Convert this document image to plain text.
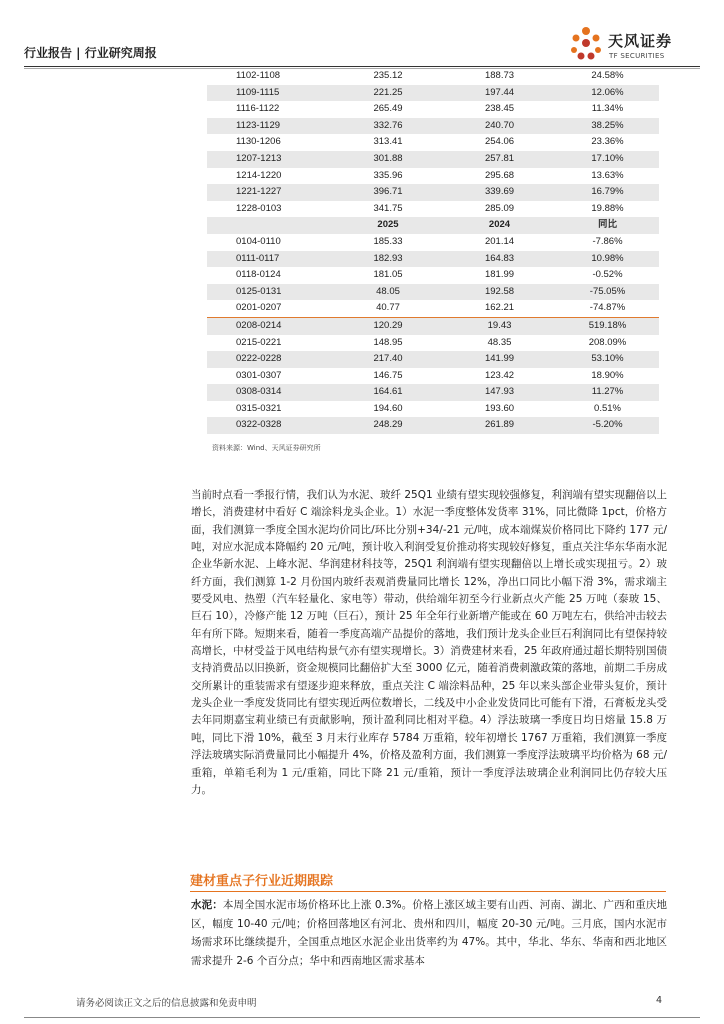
行业报告 | 行业研究周报
天风证券
TF SECURITIES
1102-1108	235.12	188.73	24.58%
1109-1115	221.25	197.44	12.06%
1116-1122	265.49	238.45	11.34%
1123-1129	332.76	240.70	38.25%
1130-1206	313.41	254.06	23.36%
1207-1213	301.88	257.81	17.10%
1214-1220	335.96	295.68	13.63%
1221-1227	396.71	339.69	16.79%
1228-0103	341.75	285.09	19.88%
	2025	2024	同比
0104-0110	185.33	201.14	-7.86%
0111-0117	182.93	164.83	10.98%
0118-0124	181.05	181.99	-0.52%
0125-0131	48.05	192.58	-75.05%
0201-0207	40.77	162.21	-74.87%
0208-0214	120.29	19.43	519.18%
0215-0221	148.95	48.35	208.09%
0222-0228	217.40	141.99	53.10%
0301-0307	146.75	123.42	18.90%
0308-0314	164.61	147.93	11.27%
0315-0321	194.60	193.60	0.51%
0322-0328	248.29	261.89	-5.20%
资料来源：Wind、天风证券研究所
当前时点看一季报行情，我们认为水泥、玻纤 25Q1 业绩有望实现较强修复，利润端有望实现翻倍以上增长，消费建材中看好 C 端涂料龙头企业。1）水泥一季度整体发货率 31%，同比微降 1pct，价格方面，我们测算一季度全国水泥均价同比/环比分别+34/-21 元/吨，成本端煤炭价格同比下降约 177 元/吨，对应水泥成本降幅约 20 元/吨，预计收入利润受复价推动将实现较好修复，重点关注华东华南水泥企业华新水泥、上峰水泥、华润建材科技等，25Q1 利润端有望实现翻倍以上增长或实现扭亏。2）玻纤方面，我们测算 1-2 月份国内玻纤表观消费量同比增长 12%，净出口同比小幅下滑 3%，需求端主要受风电、热塑（汽车轻量化、家电等）带动，供给端年初至今行业新点火产能 25 万吨（泰玻 15、巨石 10），冷修产能 12 万吨（巨石），预计 25 年全年行业新增产能或在 60 万吨左右，供给冲击较去年有所下降。短期来看，随着一季度高端产品提价的落地，我们预计龙头企业巨石利润同比有望保持较高增长，中材受益于风电结构景气亦有望实现增长。3）消费建材来看，25 年政府通过超长期特别国债支持消费品以旧换新，资金规模同比翻倍扩大至 3000 亿元，随着消费刺激政策的落地，前期二手房成交所累计的重装需求有望逐步迎来释放，重点关注 C 端涂料品种，25 年以来头部企业带头复价，预计龙头企业一季度发货同比有望实现近两位数增长，二线及中小企业发货同比可能有下滑，石膏板龙头受去年同期嘉宝莉业绩已有贡献影响，预计盈利同比相对平稳。4）浮法玻璃一季度日均日熔量 15.8 万吨，同比下滑 10%，截至 3 月末行业库存 5784 万重箱，较年初增长 1767 万重箱，我们测算一季度浮法玻璃实际消费量同比小幅提升 4%，价格及盈利方面，我们测算一季度浮法玻璃平均价格为 68 元/重箱，单箱毛利为 1 元/重箱，同比下降 21 元/重箱，预计一季度浮法玻璃企业利润同比仍存较大压力。
建材重点子行业近期跟踪
水泥：本周全国水泥市场价格环比上涨 0.3%。价格上涨区域主要有山西、河南、湖北、广西和重庆地区，幅度 10-40 元/吨；价格回落地区有河北、贵州和四川，幅度 20-30 元/吨。三月底，国内水泥市场需求环比继续提升，全国重点地区水泥企业出货率约为 47%。其中，华北、华东、华南和西北地区需求提升 2-6 个百分点；华中和西南地区需求基本
请务必阅读正文之后的信息披露和免责申明	4
